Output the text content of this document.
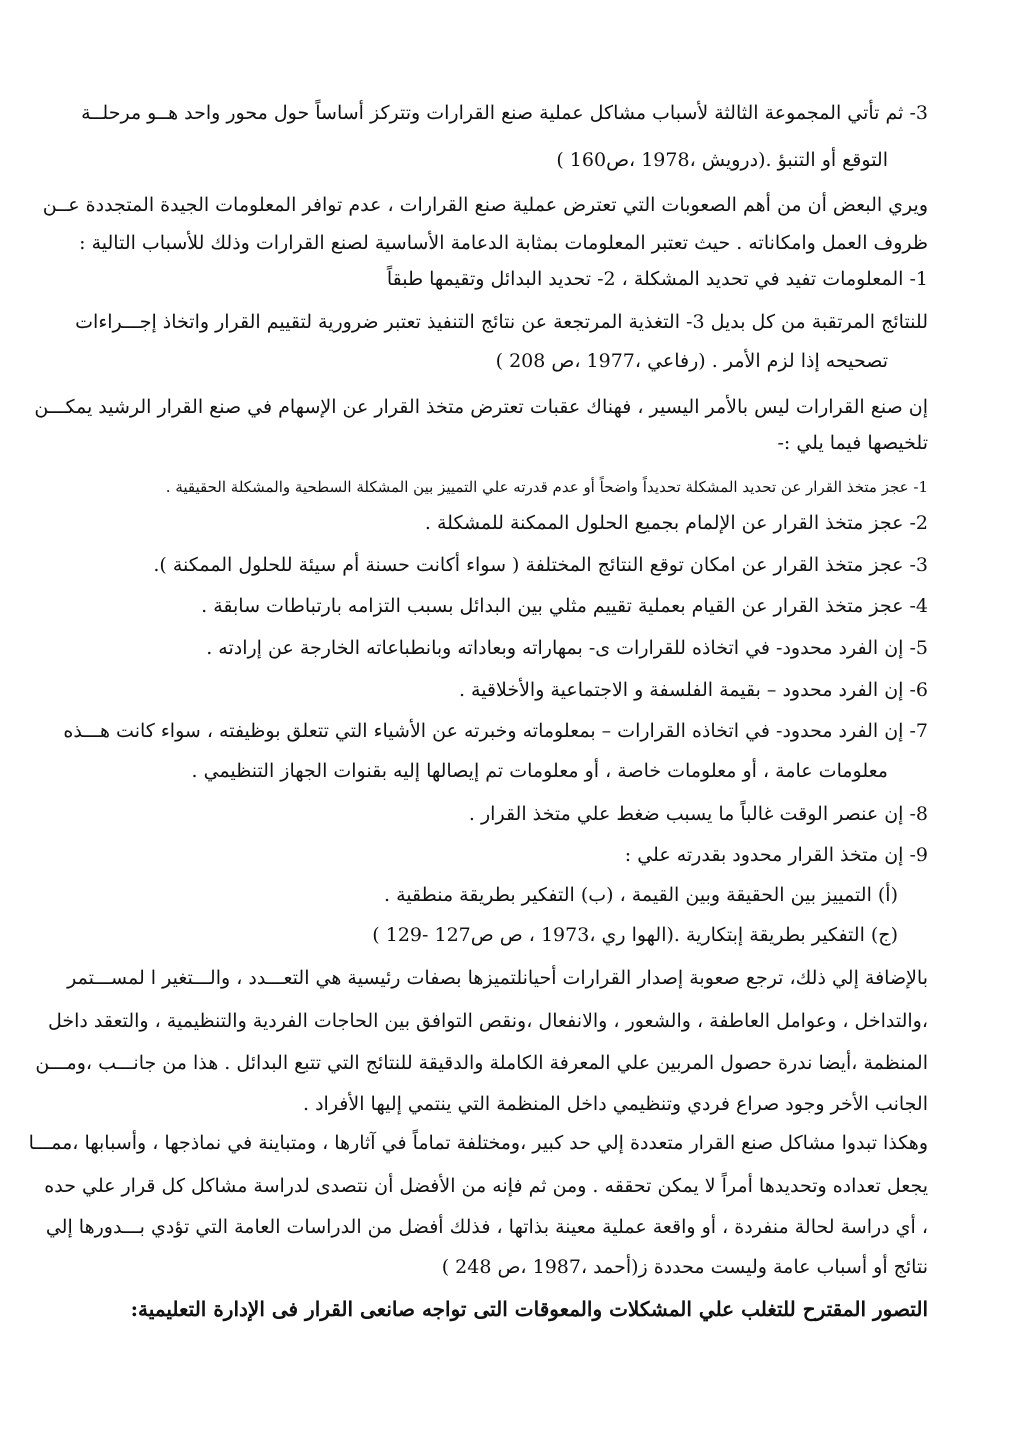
3- ثم تأتي المجموعة الثالثة لأسباب مشاكل عملية صنع القرارات وتتركز أساساً حول محور واحد هــو مرحلــة
التوقع أو التنبؤ .(درويش ،1978 ،ص160 )
ويري البعض أن من أهم الصعوبات التي تعترض عملية صنع القرارات ، عدم توافر المعلومات الجيدة المتجددة عــن
ظروف العمل وامكاناته . حيث تعتبر المعلومات بمثابة الدعامة الأساسية لصنع القرارات وذلك للأسباب التالية :
1- المعلومات تفيد في تحديد المشكلة ، 2- تحديد البدائل وتقيمها طبقاً
للنتائج المرتقبة من كل بديل 3- التغذية المرتجعة عن نتائج التنفيذ تعتبر ضرورية لتقييم القرار واتخاذ إجـــراءات
تصحيحه إذا لزم الأمر . (رفاعي ،1977 ،ص 208 )
إن صنع القرارات ليس بالأمر اليسير ، فهناك عقبات تعترض متخذ القرار عن الإسهام في صنع القرار الرشيد يمكـــن
تلخيصها فيما يلي :-
1- عجز متخذ القرار عن تحديد المشكلة تحديداً واضحاً أو عدم قدرته علي التمييز بين المشكلة السطحية والمشكلة الحقيقية .
2- عجز متخذ القرار عن الإلمام بجميع الحلول الممكنة للمشكلة .
3- عجز متخذ القرار عن امكان توقع النتائج المختلفة ( سواء أكانت حسنة أم سيئة للحلول الممكنة ).
4- عجز متخذ القرار عن القيام بعملية تقييم مثلي بين البدائل بسبب التزامه بارتباطات سابقة .
5- إن الفرد محدود- في اتخاذه للقرارات ى- بمهاراته وبعاداته وبانطباعاته الخارجة عن إرادته .
6- إن الفرد محدود – بقيمة الفلسفة و الاجتماعية والأخلاقية .
7- إن الفرد محدود- في اتخاذه القرارات – بمعلوماته وخبرته عن الأشياء التي تتعلق بوظيفته ، سواء كانت هـــذه
معلومات عامة ، أو معلومات خاصة ، أو معلومات تم إيصالها إليه بقنوات الجهاز التنظيمي .
8- إن عنصر الوقت غالباً ما يسبب ضغط علي متخذ القرار .
9- إن متخذ القرار محدود بقدرته علي :
(أ) التمييز بين الحقيقة وبين القيمة ، (ب) التفكير بطريقة منطقية .
(ج) التفكير بطريقة إبتكارية .(الهوا ري ،1973 ، ص ص127 -129 )
بالإضافة إلي ذلك، ترجع صعوبة إصدار القرارات أحيانلتميزها بصفات رئيسية هي التعـــدد ، والـــتغير ا لمســـتمر
،والتداخل ، وعوامل العاطفة ، والشعور ، والانفعال ،ونقص التوافق بين الحاجات الفردية والتنظيمية ، والتعقد داخل
المنظمة ،أيضا ندرة حصول المربين علي المعرفة الكاملة والدقيقة للنتائج التي تتبع البدائل . هذا من جانـــب ،ومـــن
الجانب الأخر وجود صراع فردي وتنظيمي داخل المنظمة التي ينتمي إليها الأفراد .
وهكذا تبدوا مشاكل صنع القرار متعددة إلي حد كبير ،ومختلفة تماماً في آثارها ، ومتباينة في نماذجها ، وأسبابها ،ممـــا
يجعل تعداده وتحديدها أمراً لا يمكن تحققه . ومن ثم فإنه من الأفضل أن نتصدى لدراسة مشاكل كل قرار علي حده
، أي دراسة لحالة منفردة ، أو واقعة عملية معينة بذاتها ، فذلك أفضل من الدراسات العامة التي تؤدي بـــدورها إلي
نتائج أو أسباب عامة وليست محددة ز(أحمد ،1987 ،ص 248 )
التصور المقترح للتغلب علي المشكلات والمعوقات التى تواجه صانعى القرار فى الإدارة التعليمية:
